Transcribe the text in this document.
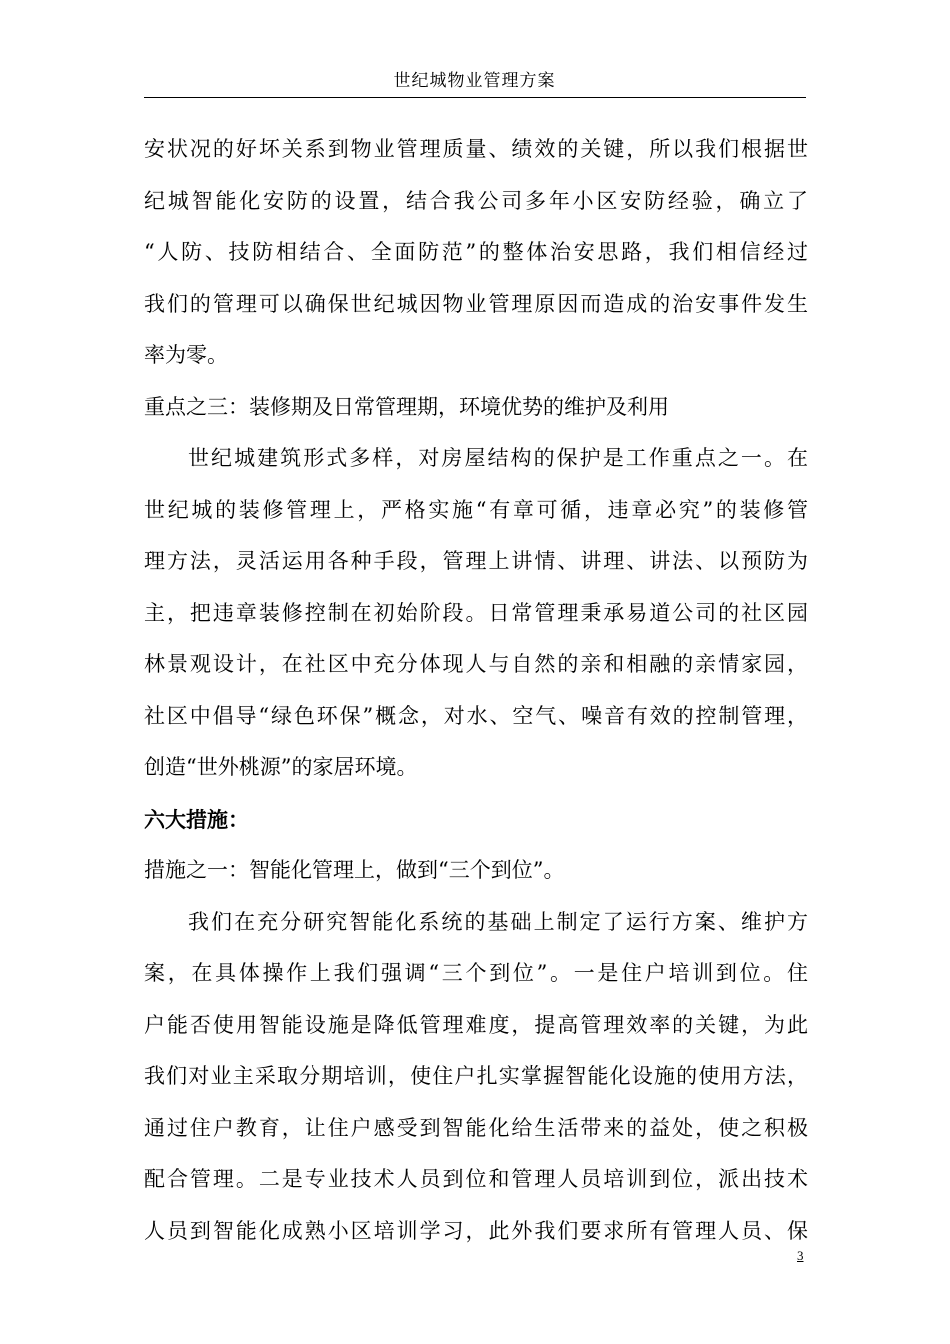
世纪城物业管理方案
安状况的好坏关系到物业管理质量、绩效的关键，所以我们根据世
纪城智能化安防的设置，结合我公司多年小区安防经验，确立了
“人防、技防相结合、全面防范”的整体治安思路，我们相信经过
我们的管理可以确保世纪城因物业管理原因而造成的治安事件发生
率为零。
重点之三：装修期及日常管理期，环境优势的维护及利用
世纪城建筑形式多样，对房屋结构的保护是工作重点之一。在
世纪城的装修管理上，严格实施“有章可循，违章必究”的装修管
理方法，灵活运用各种手段，管理上讲情、讲理、讲法、以预防为
主，把违章装修控制在初始阶段。日常管理秉承易道公司的社区园
林景观设计，在社区中充分体现人与自然的亲和相融的亲情家园，
社区中倡导“绿色环保”概念，对水、空气、噪音有效的控制管理，
创造“世外桃源”的家居环境。
六大措施：
措施之一：智能化管理上，做到“三个到位”。
我们在充分研究智能化系统的基础上制定了运行方案、维护方
案，在具体操作上我们强调“三个到位”。一是住户培训到位。住
户能否使用智能设施是降低管理难度，提高管理效率的关键，为此
我们对业主采取分期培训，使住户扎实掌握智能化设施的使用方法，
通过住户教育，让住户感受到智能化给生活带来的益处，使之积极
配合管理。二是专业技术人员到位和管理人员培训到位，派出技术
人员到智能化成熟小区培训学习，此外我们要求所有管理人员、保
3
